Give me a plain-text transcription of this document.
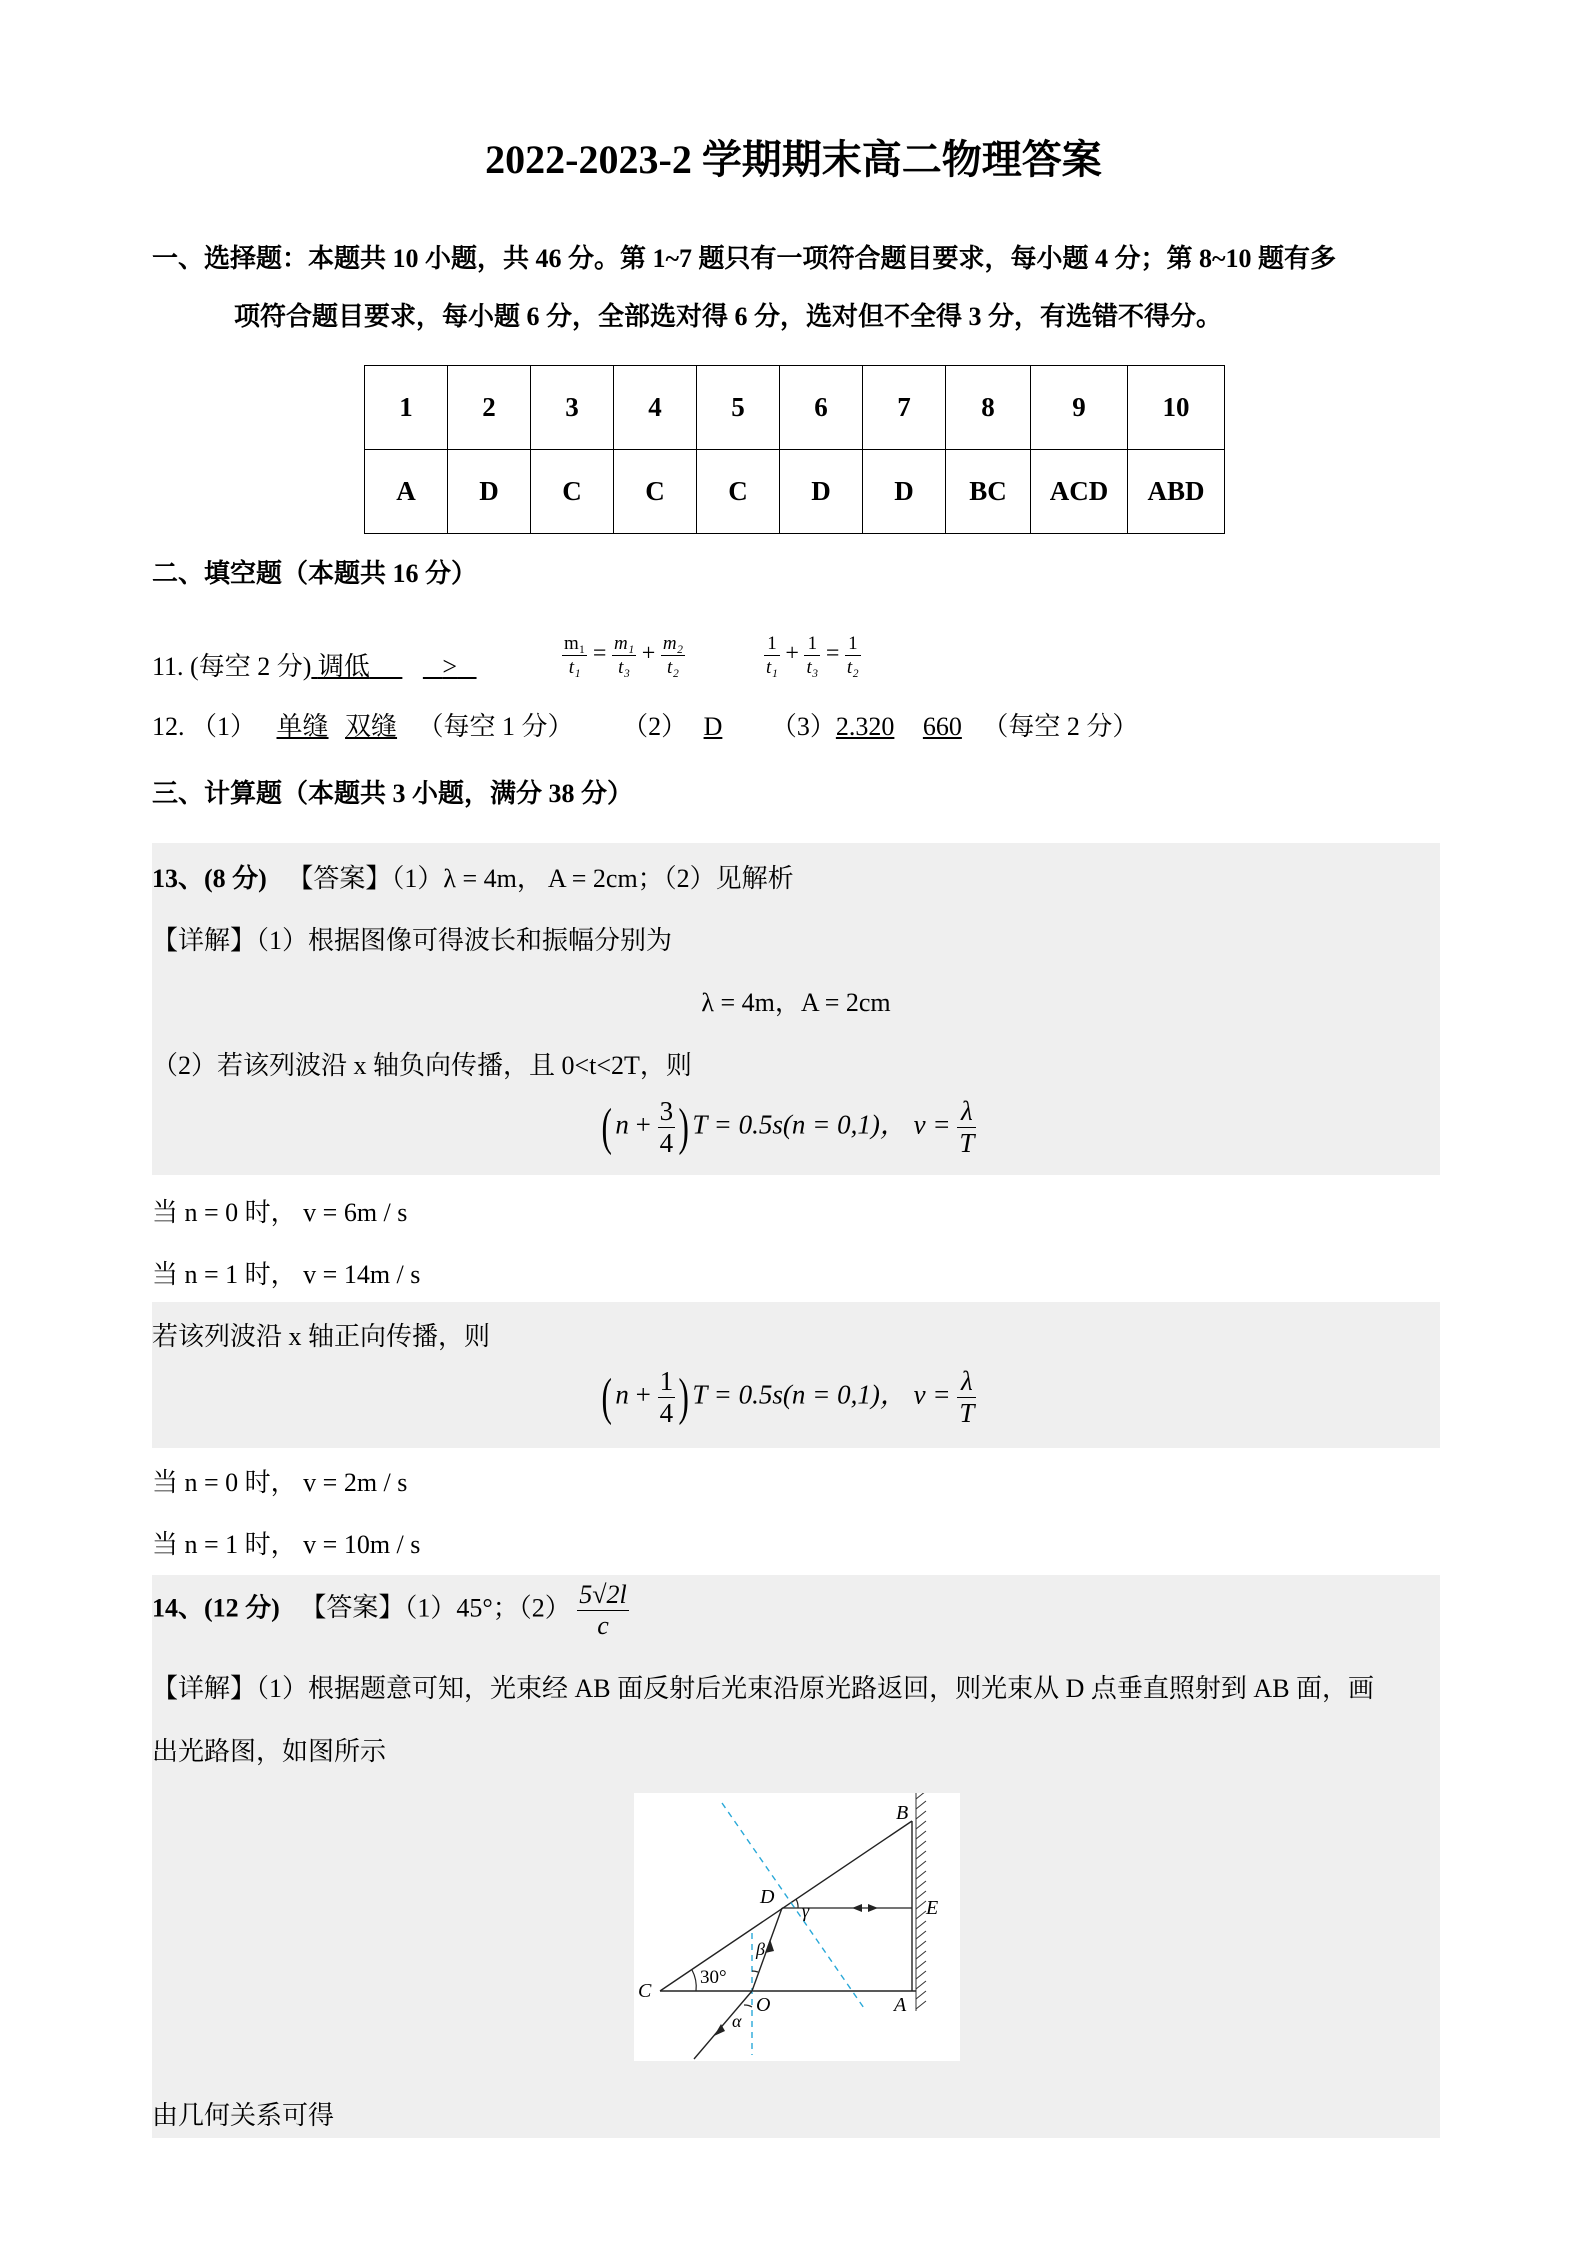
2022-2023-2 学期期末高二物理答案
一、选择题：本题共 10 小题，共 46 分。第 1~7 题只有一项符合题目要求，每小题 4 分；第 8~10 题有多
项符合题目要求，每小题 6 分，全部选对得 6 分，选对但不全得 3 分，有选错不得分。
1	2	3	4	5	6	7	8	9	10
A	D	C	C	C	D	D	BC	ACD	ABD
二、填空题（本题共 16 分）
11. (每空 2 分) 调低	>	$\frac{\text{m₁}}{\text{t₁}} = \frac{\text{m₁}}{\text{t₃}} + \frac{\text{m₂}}{\text{t₂}}$	$\frac{1}{\text{t₁}} + \frac{1}{\text{t₃}} = \frac{1}{\text{t₂}}$
12. （1） 单缝 双缝 （每空 1 分） （2） D （3）2.320 660 （每空 2 分）
三、计算题（本题共 3 小题，满分 38 分）
13、(8 分) 【答案】（1）λ = 4m， A = 2cm；（2）见解析
【详解】（1）根据图像可得波长和振幅分别为
λ = 4m，A = 2cm
（2）若该列波沿 x 轴负向传播，且 0<t<2T，则
( $n + \frac{3}{4}$ ) T = 0.5s(n = 0,1)， $v = \frac{\lambda}{T}$
当 n = 0 时， v = 6m / s
当 n = 1 时， v = 14m / s
若该列波沿 x 轴正向传播，则
( $n + \frac{1}{4}$ ) T = 0.5s(n = 0,1)， $v = \frac{\lambda}{T}$
当 n = 0 时， v = 2m / s
当 n = 1 时， v = 10m / s
14、(12 分) 【答案】（1）45°；$(2) \frac{5√2l}{c}$
【详解】（1）根据题意可知，光束经 AB 面反射后光束沿原光路返回，则光束从 D 点垂直照射到 AB 面，画
出光路图，如图所示
B
D	E
C
O	A
30°
α
β
γ
由几何关系可得
